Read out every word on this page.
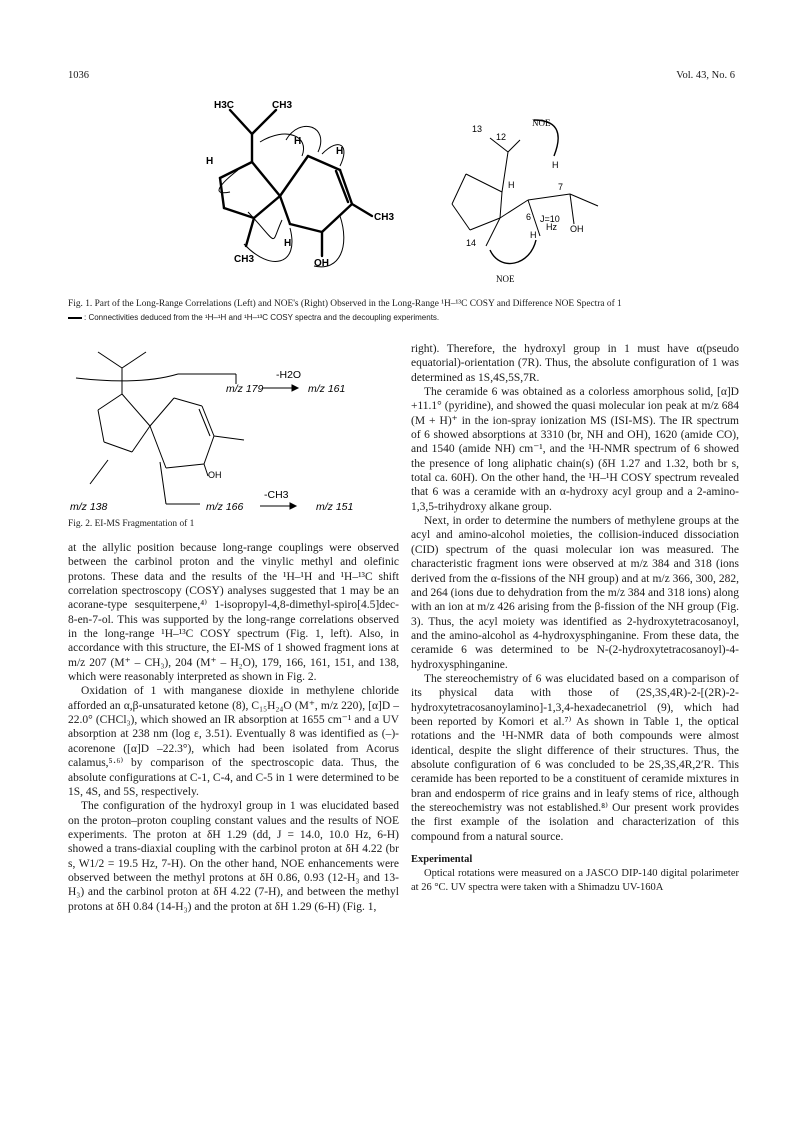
1036	Vol. 43, No. 6
H3C	CH3
CH3
CH3	OH
H
H
H
H
13
12
NOE
H
H	7
6 J=10
Hz OH
H
14
NOE
Fig. 1. Part of the Long-Range Correlations (Left) and NOE's (Right) Observed in the Long-Range ¹H–¹³C COSY and Difference NOE Spectra of 1
: Connectivities deduced from the ¹H–¹H and ¹H–¹³C COSY spectra and the decoupling experiments.
-H2O
m/z 179	m/z 161
OH
m/z 138	m/z 166
-CH3
m/z 151
Fig. 2. EI-MS Fragmentation of 1

at the allylic position because long-range couplings were observed between the carbinol proton and the vinylic methyl and olefinic protons. These data and the results of the ¹H–¹H and ¹H–¹³C shift correlation spectroscopy (COSY) analyses suggested that 1 may be an acorane-type sesquiterpene,⁴⁾ 1-isopropyl-4,8-dimethyl-spiro[4.5]dec-8-en-7-ol. This was supported by the long-range correlations observed in the long-range ¹H–¹³C COSY spectrum (Fig. 1, left). Also, in accordance with this structure, the EI-MS of 1 showed fragment ions at m/z 207 (M⁺ – CH₃), 204 (M⁺ – H₂O), 179, 166, 161, 151, and 138, which were reasonably interpreted as shown in Fig. 2.

Oxidation of 1 with manganese dioxide in methylene chloride afforded an α,β-unsaturated ketone (8), C₁₅H₂₄O (M⁺, m/z 220), [α]D –22.0° (CHCl₃), which showed an IR absorption at 1655 cm⁻¹ and a UV absorption at 238 nm (log ε, 3.51). Eventually 8 was identified as (–)-acorenone ([α]D –22.3°), which had been isolated from Acorus calamus,⁵·⁶⁾ by comparison of the spectroscopic data. Thus, the absolute configurations at C-1, C-4, and C-5 in 1 were determined to be 1S, 4S, and 5S, respectively.

The configuration of the hydroxyl group in 1 was elucidated based on the proton–proton coupling constant values and the results of NOE experiments. The proton at δH 1.29 (dd, J = 14.0, 10.0 Hz, 6-H) showed a trans-diaxial coupling with the carbinol proton at δH 4.22 (br s, W1/2 = 19.5 Hz, 7-H). On the other hand, NOE enhancements were observed between the methyl protons at δH 0.86, 0.93 (12-H₃ and 13-H₃) and the carbinol proton at δH 4.22 (7-H), and between the methyl protons at δH 0.84 (14-H₃) and the proton at δH 1.29 (6-H) (Fig. 1,

right). Therefore, the hydroxyl group in 1 must have α(pseudo equatorial)-orientation (7R). Thus, the absolute configuration of 1 was determined as 1S,4S,5S,7R.

The ceramide 6 was obtained as a colorless amorphous solid, [α]D +11.1° (pyridine), and showed the quasi molecular ion peak at m/z 684 (M + H)⁺ in the ion-spray ionization MS (ISI-MS). The IR spectrum of 6 showed absorptions at 3310 (br, NH and OH), 1620 (amide CO), and 1540 (amide NH) cm⁻¹, and the ¹H-NMR spectrum of 6 showed the presence of long aliphatic chain(s) (δH 1.27 and 1.32, both br s, total ca. 60H). On the other hand, the ¹H–¹H COSY spectrum revealed that 6 was a ceramide with an α-hydroxy acyl group and a 2-amino-1,3,5-trihydroxy alkane group.

Next, in order to determine the numbers of methylene groups at the acyl and amino-alcohol moieties, the collision-induced dissociation (CID) spectrum of the quasi molecular ion was measured. The characteristic fragment ions were observed at m/z 384 and 318 (ions derived from the α-fissions of the NH group) and at m/z 366, 300, 282, and 264 (ions due to dehydration from the m/z 384 and 318 ions) along with an ion at m/z 426 arising from the β-fission of the NH group (Fig. 3). Thus, the acyl moiety was identified as 2-hydroxytetracosanoyl, and the amino-alcohol as 4-hydroxysphinganine. From these data, the ceramide 6 was determined to be N-(2-hydroxytetracosanoyl)-4-hydroxysphinganine.

The stereochemistry of 6 was elucidated based on a comparison of its physical data with those of (2S,3S,4R)-2-[(2R)-2-hydroxytetracosanoylamino]-1,3,4-hexadecanetriol (9), which had been reported by Komori et al.⁷⁾ As shown in Table 1, the optical rotations and the ¹H-NMR data of both compounds were almost identical, despite the slight difference of their structures. Thus, the absolute configuration of 6 was concluded to be 2S,3S,4R,2′R. This ceramide has been reported to be a constituent of ceramide mixtures in bran and endosperm of rice grains and in leafy stems of rice, although the stereochemistry was not established.⁸⁾ Our present work provides the first example of the isolation and characterization of this compound from a natural source.

Experimental

Optical rotations were measured on a JASCO DIP-140 digital polarimeter at 26 °C. UV spectra were taken with a Shimadzu UV-160A
